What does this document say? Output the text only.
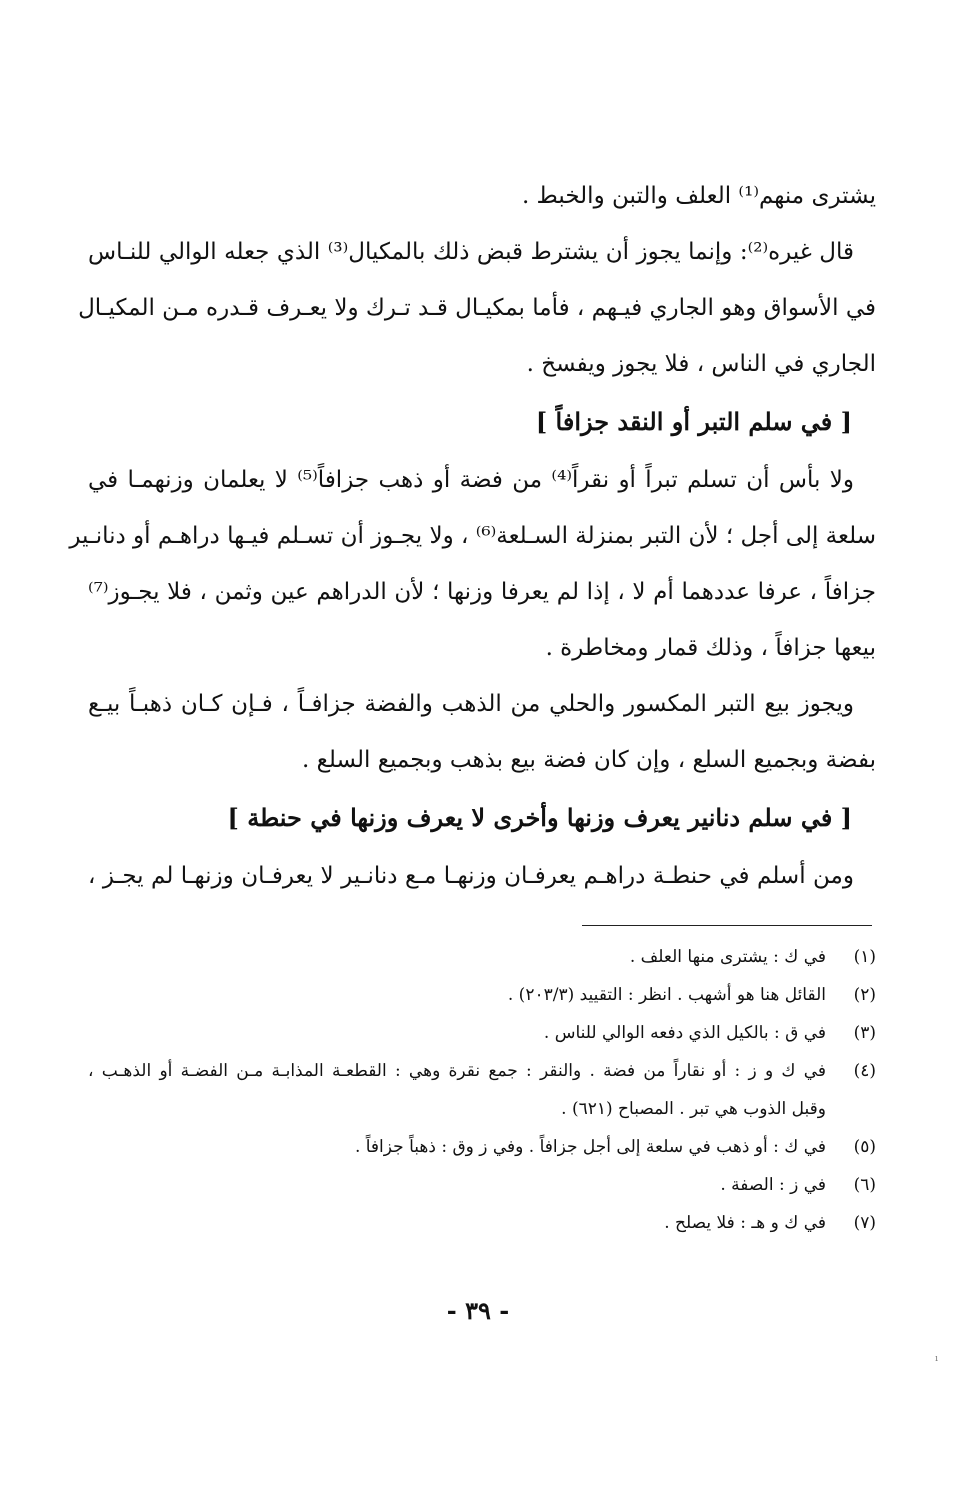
يشترى منهم⁽¹⁾ العلف والتبن والخبط .
قال غيره⁽²⁾: وإنما يجوز أن يشترط قبض ذلك بالمكيال⁽³⁾ الذي جعله الوالي للنـاس
في الأسواق وهو الجاري فيـهم ، فأما بمكيـال قـد تـرك ولا يعـرف قـدره مـن المكيـال
الجاري في الناس ، فلا يجوز ويفسخ .
[ في سلم التبر أو النقد جزافاً ]
ولا بأس أن تسلم تبراً أو نقراً⁽⁴⁾ من فضة أو ذهب جزافاً⁽⁵⁾ لا يعلمان وزنهمـا في
سلعة إلى أجل ؛ لأن التبر بمنزلة السـلعة⁽⁶⁾ ، ولا يجـوز أن تسـلم فيـها دراهـم أو دنانـير
جزافاً ، عرفا عددهما أم لا ، إذا لم يعرفا وزنها ؛ لأن الدراهم عين وثمن ، فلا يجـوز⁽⁷⁾
بيعها جزافاً ، وذلك قمار ومخاطرة .
ويجوز بيع التبر المكسور والحلي من الذهب والفضة جزافـاً ، فـإن كـان ذهبـاً بيـع
بفضة وبجميع السلع ، وإن كان فضة بيع بذهب وبجميع السلع .
[ في سلم دنانير يعرف وزنها وأخرى لا يعرف وزنها في حنطة ]
ومن أسلم في حنطـة دراهـم يعرفـان وزنهـا مـع دنانـير لا يعرفـان وزنهـا لم يجـز ،
(١)
في ك : يشترى منها العلف .
(٢)
القائل هنا هو أشهب . انظر : التقييد (٢٠٣/٣) .
(٣)
في ق : بالكيل الذي دفعه الوالي للناس .
(٤)
في ك و ز : أو نقاراً من فضة . والنقر : جمع نقرة وهي : القطعـة المذابـة مـن الفضـة أو الذهـب ،
وقبل الذوب هي تبر . المصباح (٦٢١) .
(٥)
في ك : أو ذهب في سلعة إلى أجل جزافاً . وفي ز وق : ذهباً جزافاً .
(٦)
في ز : الصفة .
(٧)
في ك و هـ : فلا يصلح .
- ٣٩ -
ı
